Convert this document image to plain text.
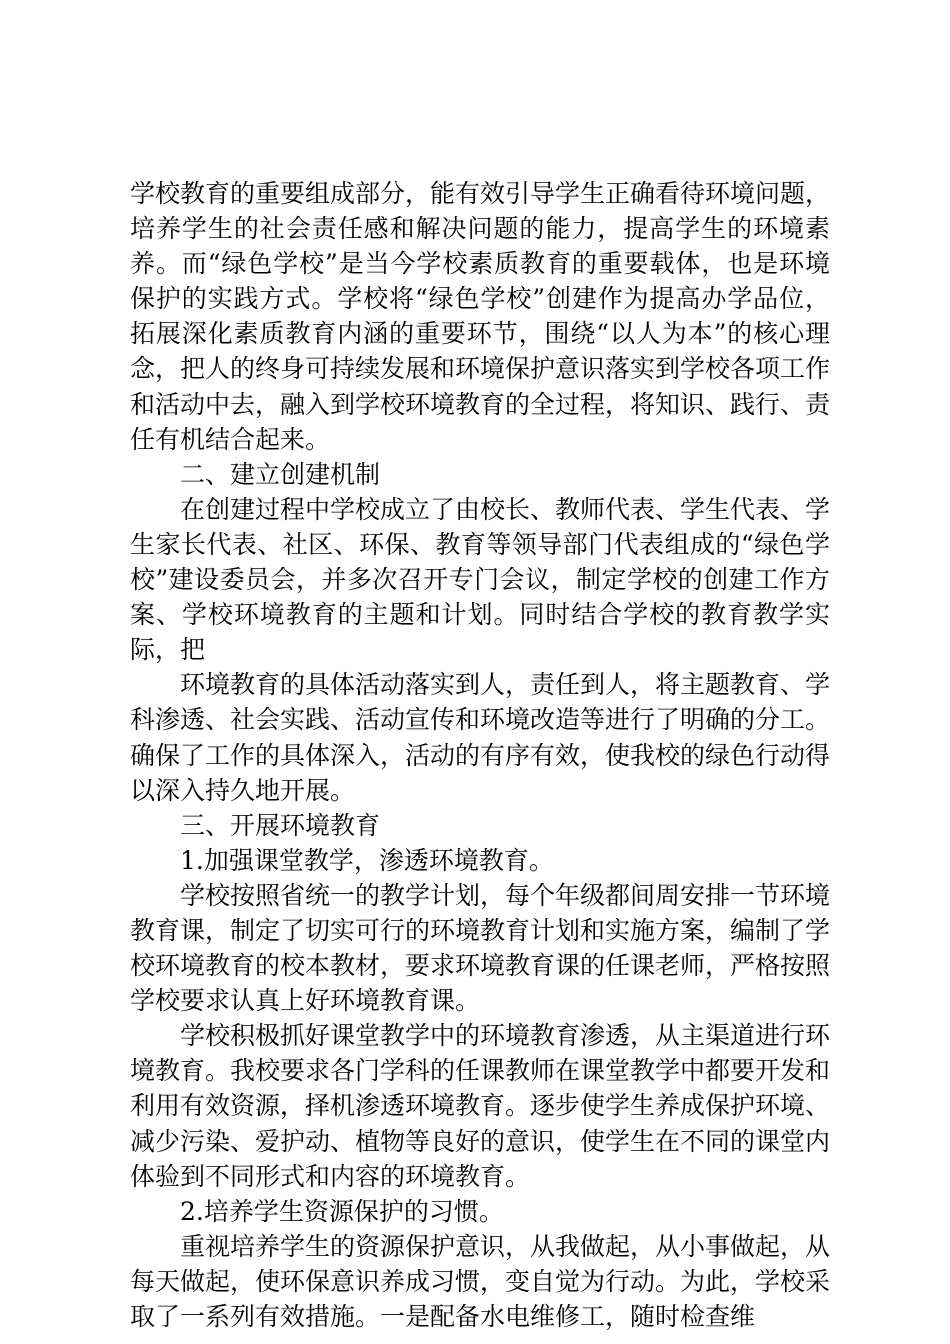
学校教育的重要组成部分，能有效引导学生正确看待环境问题，培养学生的社会责任感和解决问题的能力，提高学生的环境素养。而“绿色学校”是当今学校素质教育的重要载体，也是环境保护的实践方式。学校将“绿色学校”创建作为提高办学品位，拓展深化素质教育内涵的重要环节，围绕“以人为本”的核心理念，把人的终身可持续发展和环境保护意识落实到学校各项工作和活动中去，融入到学校环境教育的全过程，将知识、践行、责任有机结合起来。

二、建立创建机制

在创建过程中学校成立了由校长、教师代表、学生代表、学生家长代表、社区、环保、教育等领导部门代表组成的“绿色学校”建设委员会，并多次召开专门会议，制定学校的创建工作方案、学校环境教育的主题和计划。同时结合学校的教育教学实际，把

环境教育的具体活动落实到人，责任到人，将主题教育、学科渗透、社会实践、活动宣传和环境改造等进行了明确的分工。确保了工作的具体深入，活动的有序有效，使我校的绿色行动得以深入持久地开展。

三、开展环境教育

1.加强课堂教学，渗透环境教育。

学校按照省统一的教学计划，每个年级都间周安排一节环境教育课，制定了切实可行的环境教育计划和实施方案，编制了学校环境教育的校本教材，要求环境教育课的任课老师，严格按照学校要求认真上好环境教育课。

学校积极抓好课堂教学中的环境教育渗透，从主渠道进行环境教育。我校要求各门学科的任课教师在课堂教学中都要开发和利用有效资源，择机渗透环境教育。逐步使学生养成保护环境、减少污染、爱护动、植物等良好的意识，使学生在不同的课堂内体验到不同形式和内容的环境教育。

2.培养学生资源保护的习惯。

重视培养学生的资源保护意识，从我做起，从小事做起，从每天做起，使环保意识养成习惯，变自觉为行动。为此，学校采取了一系列有效措施。一是配备水电维修工，随时检查维
